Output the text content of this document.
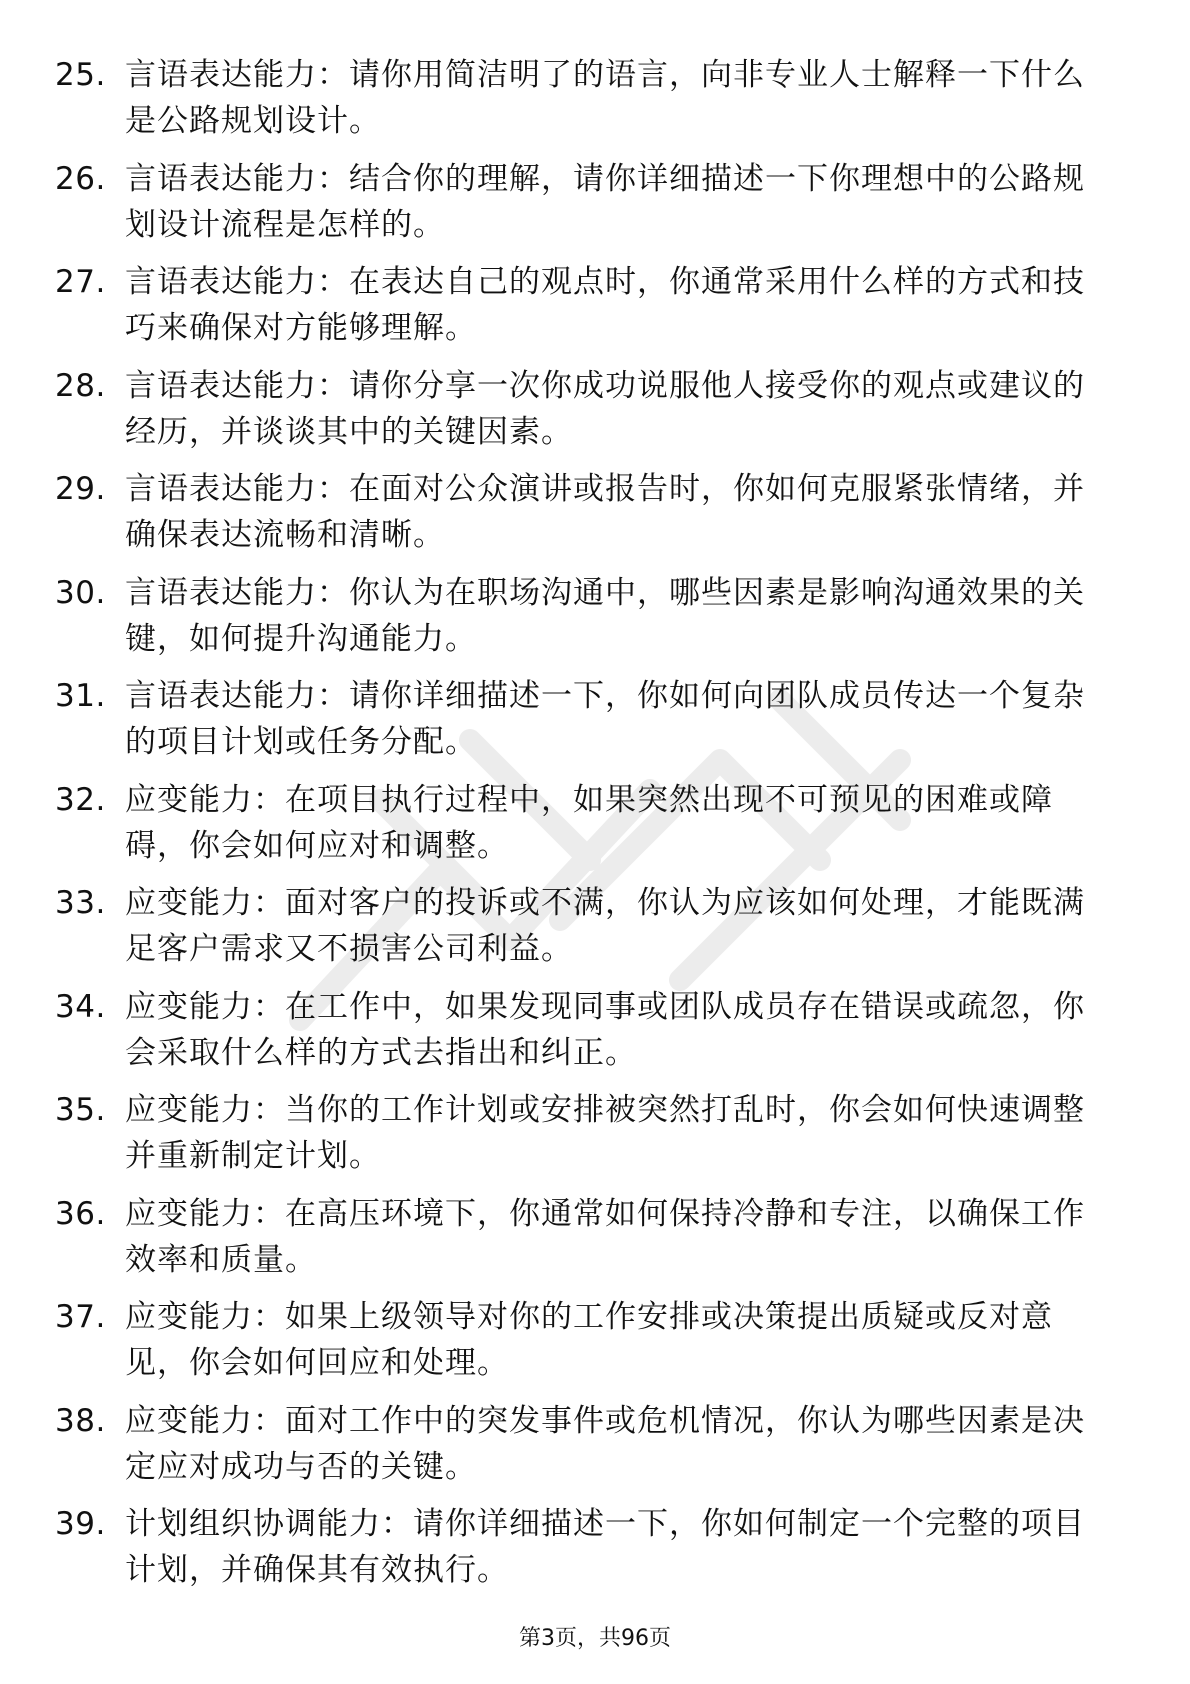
25. 言语表达能力：请你用简洁明了的语言，向非专业人士解释一下什么是公路规划设计。
26. 言语表达能力：结合你的理解，请你详细描述一下你理想中的公路规划设计流程是怎样的。
27. 言语表达能力：在表达自己的观点时，你通常采用什么样的方式和技巧来确保对方能够理解。
28. 言语表达能力：请你分享一次你成功说服他人接受你的观点或建议的经历，并谈谈其中的关键因素。
29. 言语表达能力：在面对公众演讲或报告时，你如何克服紧张情绪，并确保表达流畅和清晰。
30. 言语表达能力：你认为在职场沟通中，哪些因素是影响沟通效果的关键，如何提升沟通能力。
31. 言语表达能力：请你详细描述一下，你如何向团队成员传达一个复杂的项目计划或任务分配。
32. 应变能力：在项目执行过程中，如果突然出现不可预见的困难或障碍，你会如何应对和调整。
33. 应变能力：面对客户的投诉或不满，你认为应该如何处理，才能既满足客户需求又不损害公司利益。
34. 应变能力：在工作中，如果发现同事或团队成员存在错误或疏忽，你会采取什么样的方式去指出和纠正。
35. 应变能力：当你的工作计划或安排被突然打乱时，你会如何快速调整并重新制定计划。
36. 应变能力：在高压环境下，你通常如何保持冷静和专注，以确保工作效率和质量。
37. 应变能力：如果上级领导对你的工作安排或决策提出质疑或反对意见，你会如何回应和处理。
38. 应变能力：面对工作中的突发事件或危机情况，你认为哪些因素是决定应对成功与否的关键。
39. 计划组织协调能力：请你详细描述一下，你如何制定一个完整的项目计划，并确保其有效执行。
第3页，共96页
